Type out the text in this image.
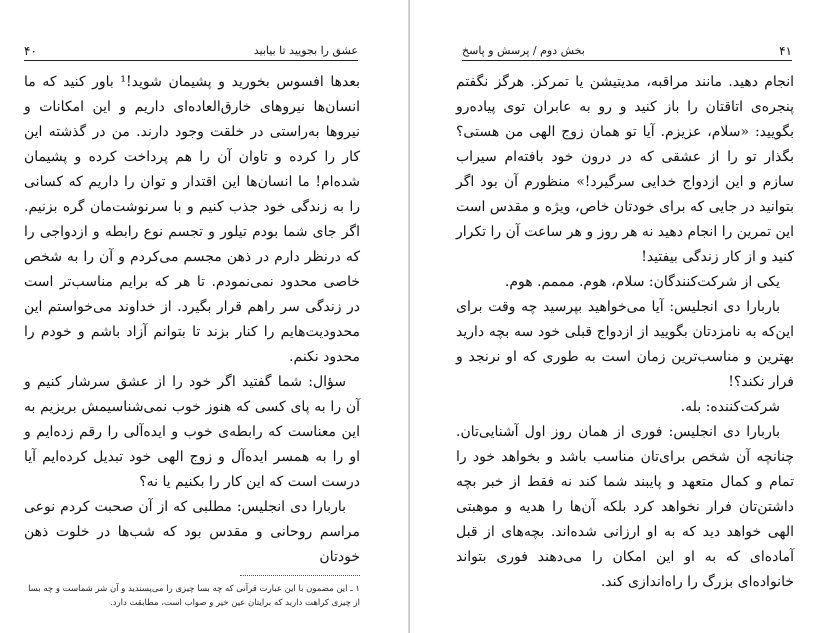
عشق را بجویید تا بیابید
۴۰

بعدها افسوس بخورید و پشیمان شوید!¹ باور کنید که ما انسان‌ها نیروهای خارق‌العاده‌ای داریم و این امکانات و نیروها به‌راستی در خلقت وجود دارند. من در گذشته این کار را کرده و تاوان آن را هم پرداخت کرده و پشیمان شده‌ام! ما انسان‌ها این اقتدار و توان را داریم که کسانی را به زندگی خود جذب کنیم و با سرنوشت‌مان گره بزنیم. اگر جای شما بودم تیلور و تجسم نوع رابطه و ازدواجی را که درنظر دارم در ذهن مجسم می‌کردم و آن را به شخص خاصی محدود نمی‌نمودم. تا هر که برایم مناسب‌تر است در زندگی سر راهم قرار بگیرد. از خداوند می‌خواستم این محدودیت‌هایم را کنار بزند تا بتوانم آزاد باشم و خودم را محدود نکنم.

سؤال: شما گفتید اگر خود را از عشق سرشار کنیم و آن را به پای کسی که هنوز خوب نمی‌شناسیمش بریزیم به این معناست که رابطه‌ی خوب و ایده‌آلی را رقم زده‌ایم و او را به همسر ایده‌آل و زوج الهی خود تبدیل کرده‌ایم آیا درست است که این کار را بکنیم یا نه؟

باربارا دی انجلیس: مطلبی که از آن صحبت کردم نوعی مراسم روحانی و مقدس بود که شب‌ها در خلوت ذهن خودتان

۱ ـ این مضمون با این عبارت قرآنی که چه بسا چیزی را می‌پسندید و آن شر شماست و چه بسا از چیزی کراهت دارید که برایتان عین خیر و صواب است، مطابقت دارد.
۴۱
بخش دوم / پرسش و پاسخ

انجام دهید. مانند مراقبه، مدیتیشن یا تمرکز. هرگز نگفتم پنجره‌ی اتاقتان را باز کنید و رو به عابران توی پیاده‌رو بگویید: «سلام، عزیزم. آیا تو همان زوج الهی من هستی؟ بگذار تو را از عشقی که در درون خود بافته‌ام سیراب سازم و این ازدواج خدایی سرگیرد!» منظورم آن بود اگر بتوانید در جایی که برای خودتان خاص، ویژه و مقدس است این تمرین را انجام دهید نه هر روز و هر ساعت آن را تکرار کنید و از کار زندگی بیفتید!

یکی از شرکت‌کنندگان: سلام، هوم. مممم. هوم.

باربارا دی انجلیس: آیا می‌خواهید بپرسید چه وقت برای این‌که به نامزدتان بگویید از ازدواج قبلی خود سه بچه دارید بهترین و مناسب‌ترین زمان است به طوری که او نرنجد و فرار نکند؟!

شرکت‌کننده: بله.

باربارا دی انجلیس: فوری از همان روز اول آشنایی‌تان. چنانچه آن شخص برای‌تان مناسب باشد و بخواهد خود را تمام و کمال متعهد و پایبند شما کند نه فقط از خبر بچه داشتن‌تان فرار نخواهد کرد بلکه آن‌ها را هدیه و موهبتی الهی خواهد دید که به او ارزانی شده‌اند. بچه‌های از قبل آماده‌ای که به او این امکان را می‌دهند فوری بتواند خانواده‌ای بزرگ را راه‌اندازی کند.
